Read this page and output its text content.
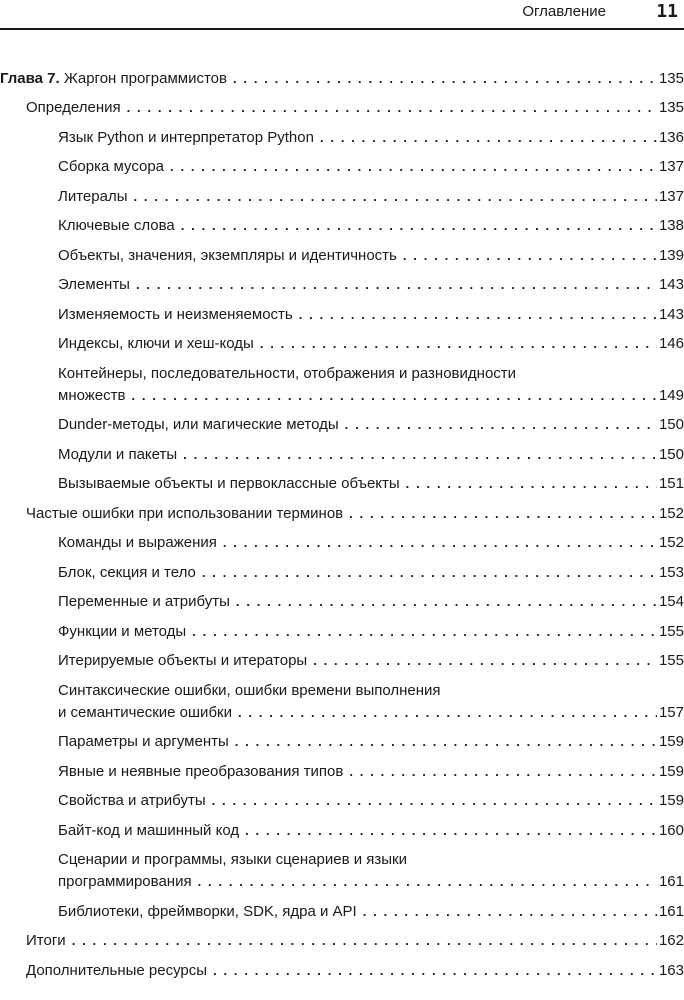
Оглавление	11
Глава 7. Жаргон программистов . . .	135
Определения . . .	135
Язык Python и интерпретатор Python . . .	136
Сборка мусора . . .	137
Литералы . . .	137
Ключевые слова . . .	138
Объекты, значения, экземпляры и идентичность . . .	139
Элементы . . .	143
Изменяемость и неизменяемость . . .	143
Индексы, ключи и хеш-коды . . .	146
Контейнеры, последовательности, отображения и разновидности
множеств . . .	149
Dunder-методы, или магические методы . . .	150
Модули и пакеты . . .	150
Вызываемые объекты и первоклассные объекты . . .	151
Частые ошибки при использовании терминов . . .	152
Команды и выражения . . .	152
Блок, секция и тело . . .	153
Переменные и атрибуты . . .	154
Функции и методы . . .	155
Итерируемые объекты и итераторы . . .	155
Синтаксические ошибки, ошибки времени выполнения
и семантические ошибки . . .	157
Параметры и аргументы . . .	159
Явные и неявные преобразования типов . . .	159
Свойства и атрибуты . . .	159
Байт-код и машинный код . . .	160
Сценарии и программы, языки сценариев и языки
программирования . . .	161
Библиотеки, фреймворки, SDK, ядра и API . . .	161
Итоги . . .	162
Дополнительные ресурсы . . .	163
